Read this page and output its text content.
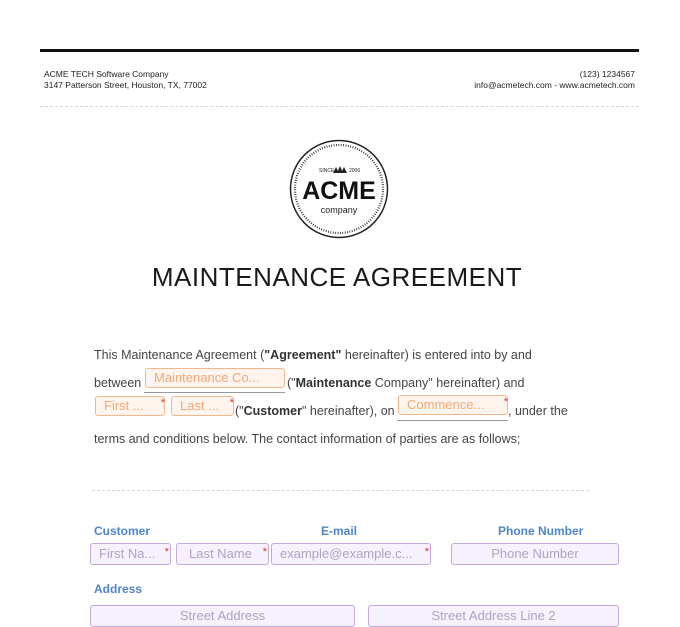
ACME TECH Software Company
3147 Patterson Street, Houston, TX, 77002
(123) 1234567
info@acmetech.com - www.acmetech.com
SINCE	2006
ACME
company
MAINTENANCE AGREEMENT
This Maintenance Agreement ("Agreement" hereinafter) is entered into by and
between	("Maintenance Company" hereinafter) and
Maintenance Co...
("Customer" hereinafter), on	, under the
First ... *	Last ... *	Commence... *
terms and conditions below. The contact information of parties are as follows;
Customer	E-mail	Phone Number
First Na... *	Last Name *	example@example.c... *	Phone Number
Address
Street Address	Street Address Line 2
